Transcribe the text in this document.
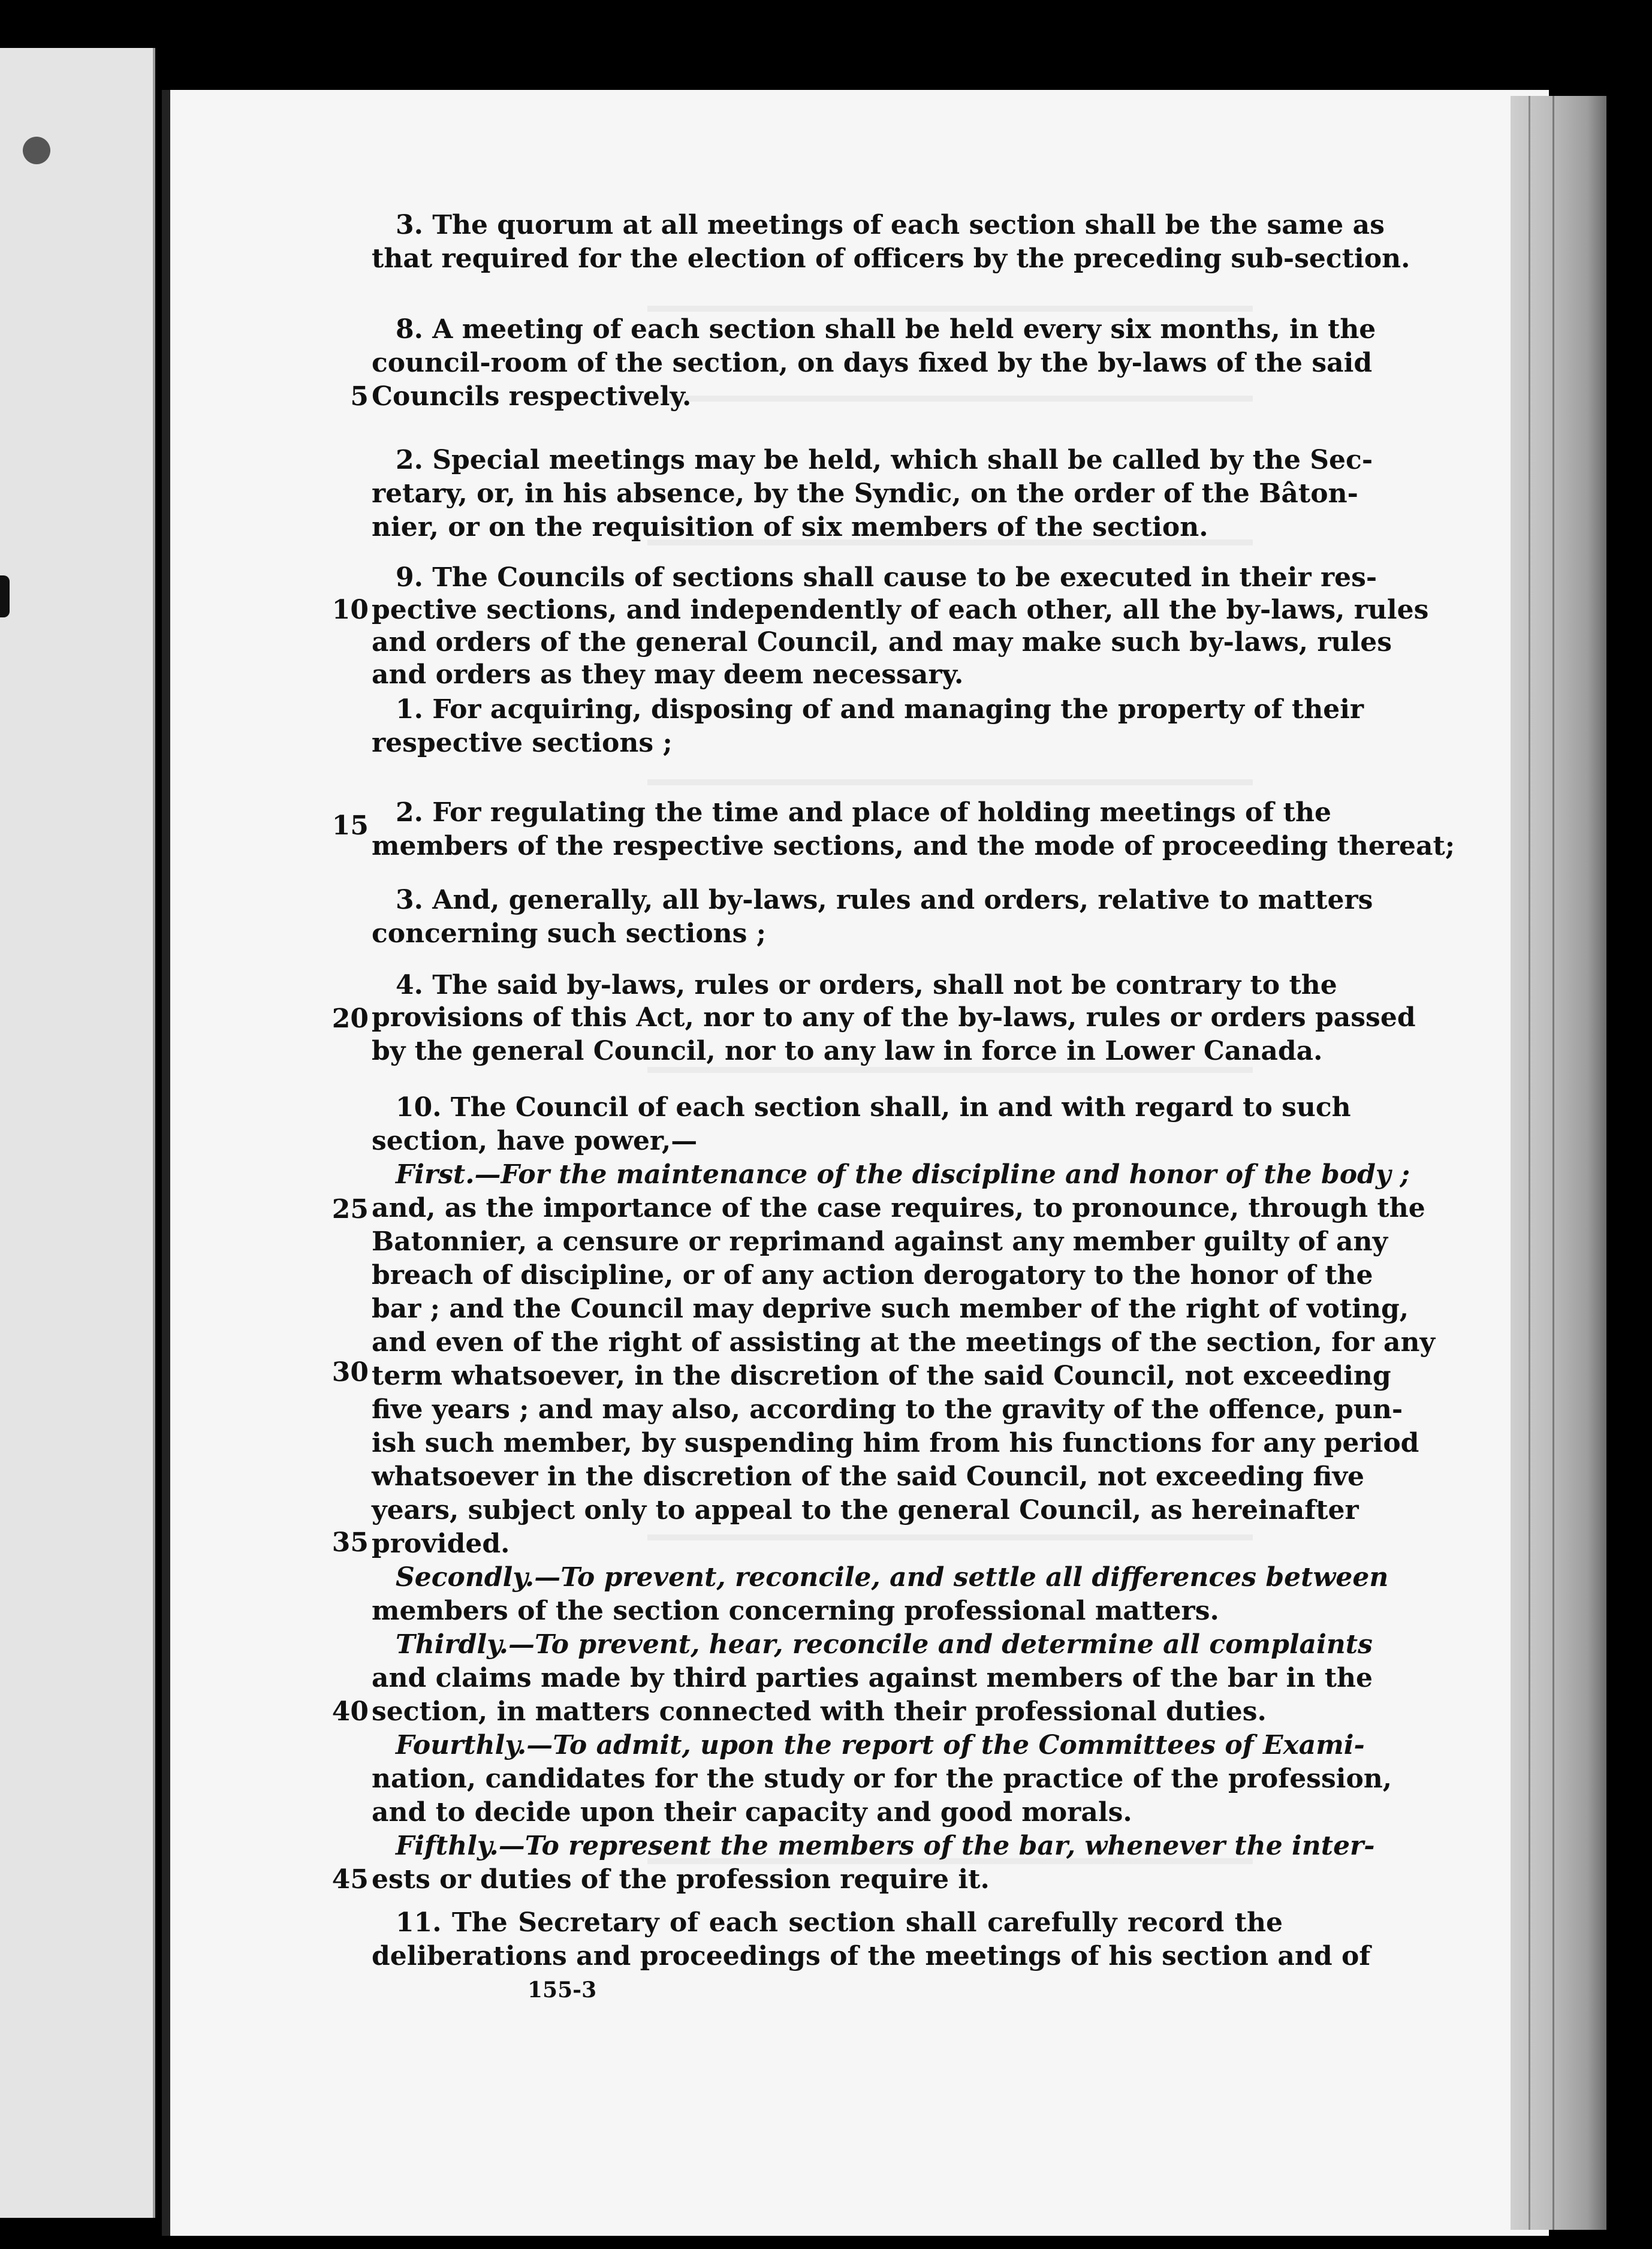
3. The quorum at all meetings of each section shall be the same as
that required for the election of officers by the preceding sub-section.
8. A meeting of each section shall be held every six months, in the
council-room of the section, on days fixed by the by-laws of the said
Councils respectively.
5
2. Special meetings may be held, which shall be called by the Sec-
retary, or, in his absence, by the Syndic, on the order of the Bâton-
nier, or on the requisition of six members of the section.
9. The Councils of sections shall cause to be executed in their res-
pective sections, and independently of each other, all the by-laws, rules
10
and orders of the general Council, and may make such by-laws, rules
and orders as they may deem necessary.
1. For acquiring, disposing of and managing the property of their
respective sections ;
2. For regulating the time and place of holding meetings of the
15
members of the respective sections, and the mode of proceeding thereat;
3. And, generally, all by-laws, rules and orders, relative to matters
concerning such sections ;
4. The said by-laws, rules or orders, shall not be contrary to the
provisions of this Act, nor to any of the by-laws, rules or orders passed
20
by the general Council, nor to any law in force in Lower Canada.
10. The Council of each section shall, in and with regard to such
section, have power,—
First.—For the maintenance of the discipline and honor of the body ;
and, as the importance of the case requires, to pronounce, through the
25
Batonnier, a censure or reprimand against any member guilty of any
breach of discipline, or of any action derogatory to the honor of the
bar ; and the Council may deprive such member of the right of voting,
and even of the right of assisting at the meetings of the section, for any
term whatsoever, in the discretion of the said Council, not exceeding
30
five years ; and may also, according to the gravity of the offence, pun-
ish such member, by suspending him from his functions for any period
whatsoever in the discretion of the said Council, not exceeding five
years, subject only to appeal to the general Council, as hereinafter
provided.
35
Secondly.—To prevent, reconcile, and settle all differences between
members of the section concerning professional matters.
Thirdly.—To prevent, hear, reconcile and determine all complaints
and claims made by third parties against members of the bar in the
section, in matters connected with their professional duties.
40
Fourthly.—To admit, upon the report of the Committees of Exami-
nation, candidates for the study or for the practice of the profession,
and to decide upon their capacity and good morals.
Fifthly.—To represent the members of the bar, whenever the inter-
ests or duties of the profession require it.
45
11. The Secretary of each section shall carefully record the
deliberations and proceedings of the meetings of his section and of
155-3
